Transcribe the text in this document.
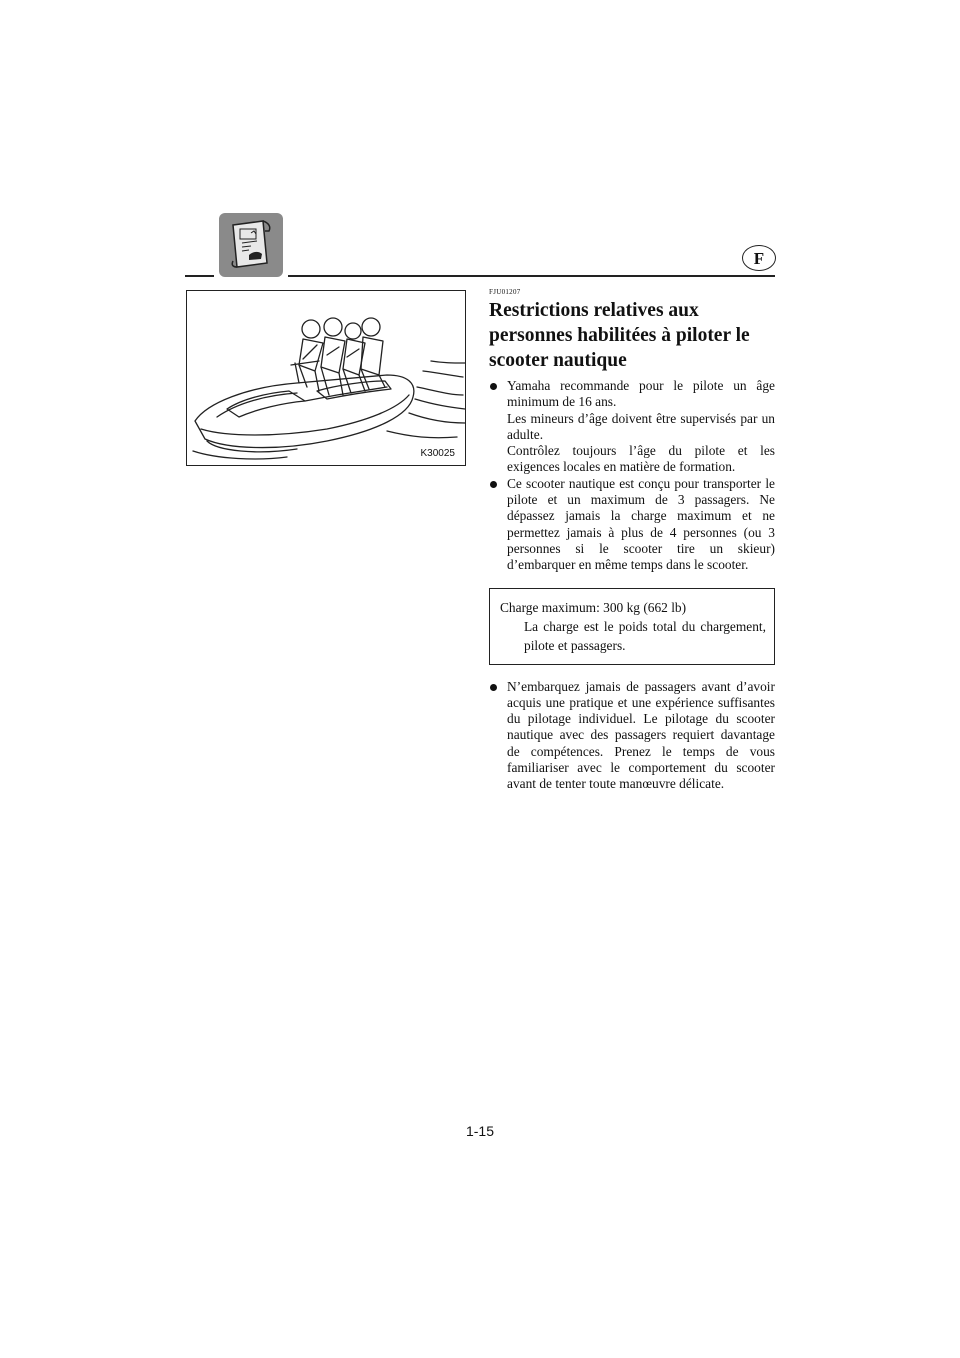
F
K30025
FJU01207
Restrictions relatives aux personnes habilitées à piloter le scooter nautique

Yamaha recommande pour le pilote un âge minimum de 16 ans.

Les mineurs d’âge doivent être supervisés par un adulte.

Contrôlez toujours l’âge du pilote et les exigences locales en matière de formation.

Ce scooter nautique est conçu pour transporter le pilote et un maximum de 3 passagers. Ne dépassez jamais la charge maximum et ne permettez jamais à plus de 4 personnes (ou 3 personnes si le scooter tire un skieur) d’embarquer en même temps dans le scooter.

Charge maximum: 300 kg (662 lb)
La charge est le poids total du chargement, pilote et passagers.

N’embarquez jamais de passagers avant d’avoir acquis une pratique et une expérience suffisantes du pilotage individuel. Le pilotage du scooter nautique avec des passagers requiert davantage de compétences. Prenez le temps de vous familiariser avec le comportement du scooter avant de tenter toute manœuvre délicate.

1-15
